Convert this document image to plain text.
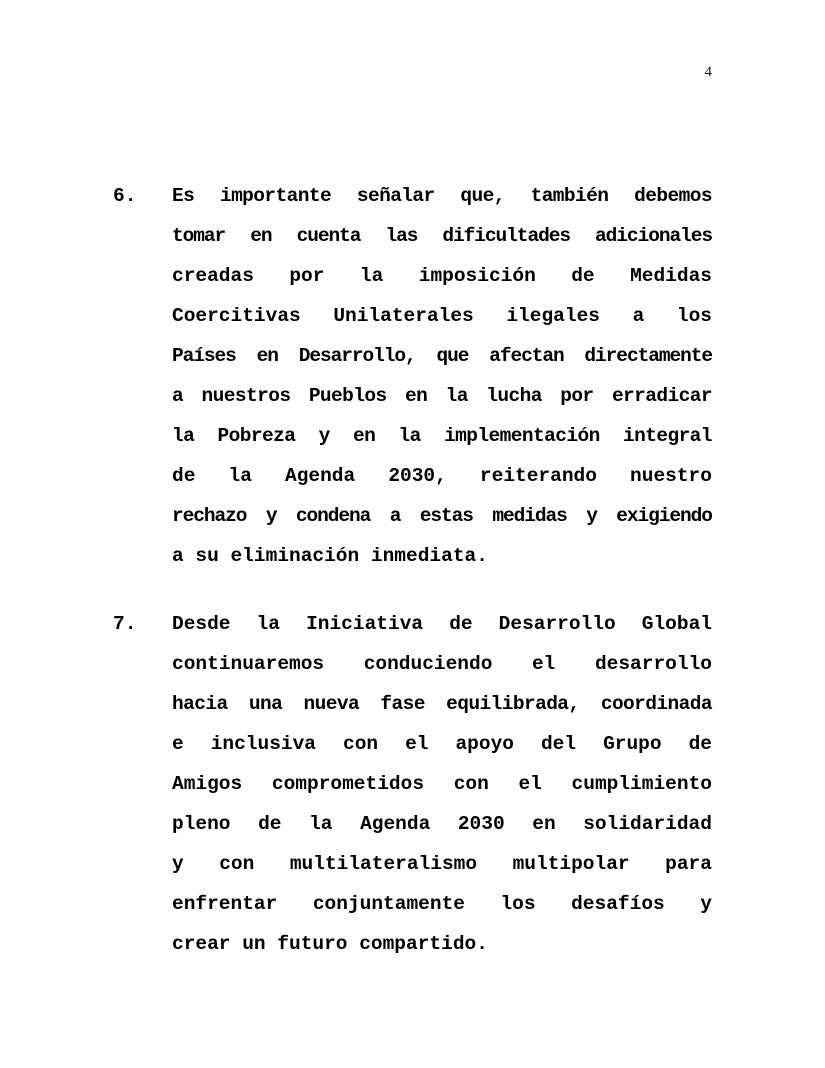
4
6.	Es importante señalar que, también debemos
tomar en cuenta las dificultades adicionales
creadas por la imposición de Medidas
Coercitivas Unilaterales ilegales a los
Países en Desarrollo, que afectan directamente
a nuestros Pueblos en la lucha por erradicar
la Pobreza y en la implementación integral
de la Agenda 2030, reiterando nuestro
rechazo y condena a estas medidas y exigiendo
a su eliminación inmediata.
7.	Desde la Iniciativa de Desarrollo Global
continuaremos conduciendo el desarrollo
hacia una nueva fase equilibrada, coordinada
e inclusiva con el apoyo del Grupo de
Amigos comprometidos con el cumplimiento
pleno de la Agenda 2030 en solidaridad
y con multilateralismo multipolar para
enfrentar conjuntamente los desafíos y
crear un futuro compartido.
